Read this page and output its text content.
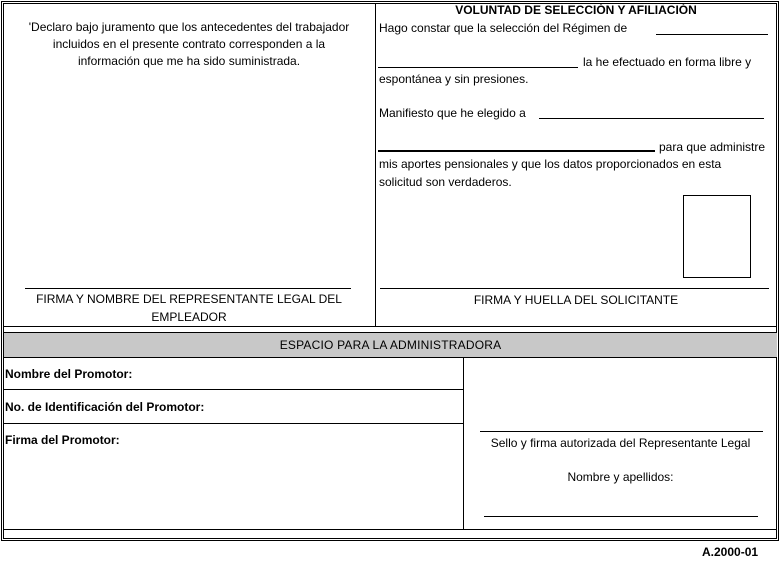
'Declaro bajo juramento que los antecedentes del trabajador
incluidos en el presente contrato corresponden a la
información que me ha sido suministrada.
FIRMA Y NOMBRE DEL REPRESENTANTE LEGAL DEL
EMPLEADOR
VOLUNTAD DE SELECCIÓN Y AFILIACIÓN
Hago constar que la selección del Régimen de
la he efectuado en forma libre y
espontánea y sin presiones.
Manifiesto que he elegido a
para que administre
mis aportes pensionales y que los datos proporcionados en esta
solicitud son verdaderos.
FIRMA Y HUELLA DEL SOLICITANTE
ESPACIO PARA LA ADMINISTRADORA
Nombre del Promotor:
No. de Identificación del Promotor:
Firma del Promotor:	Sello y firma autorizada del Representante Legal
Nombre y apellidos:
A.2000-01
